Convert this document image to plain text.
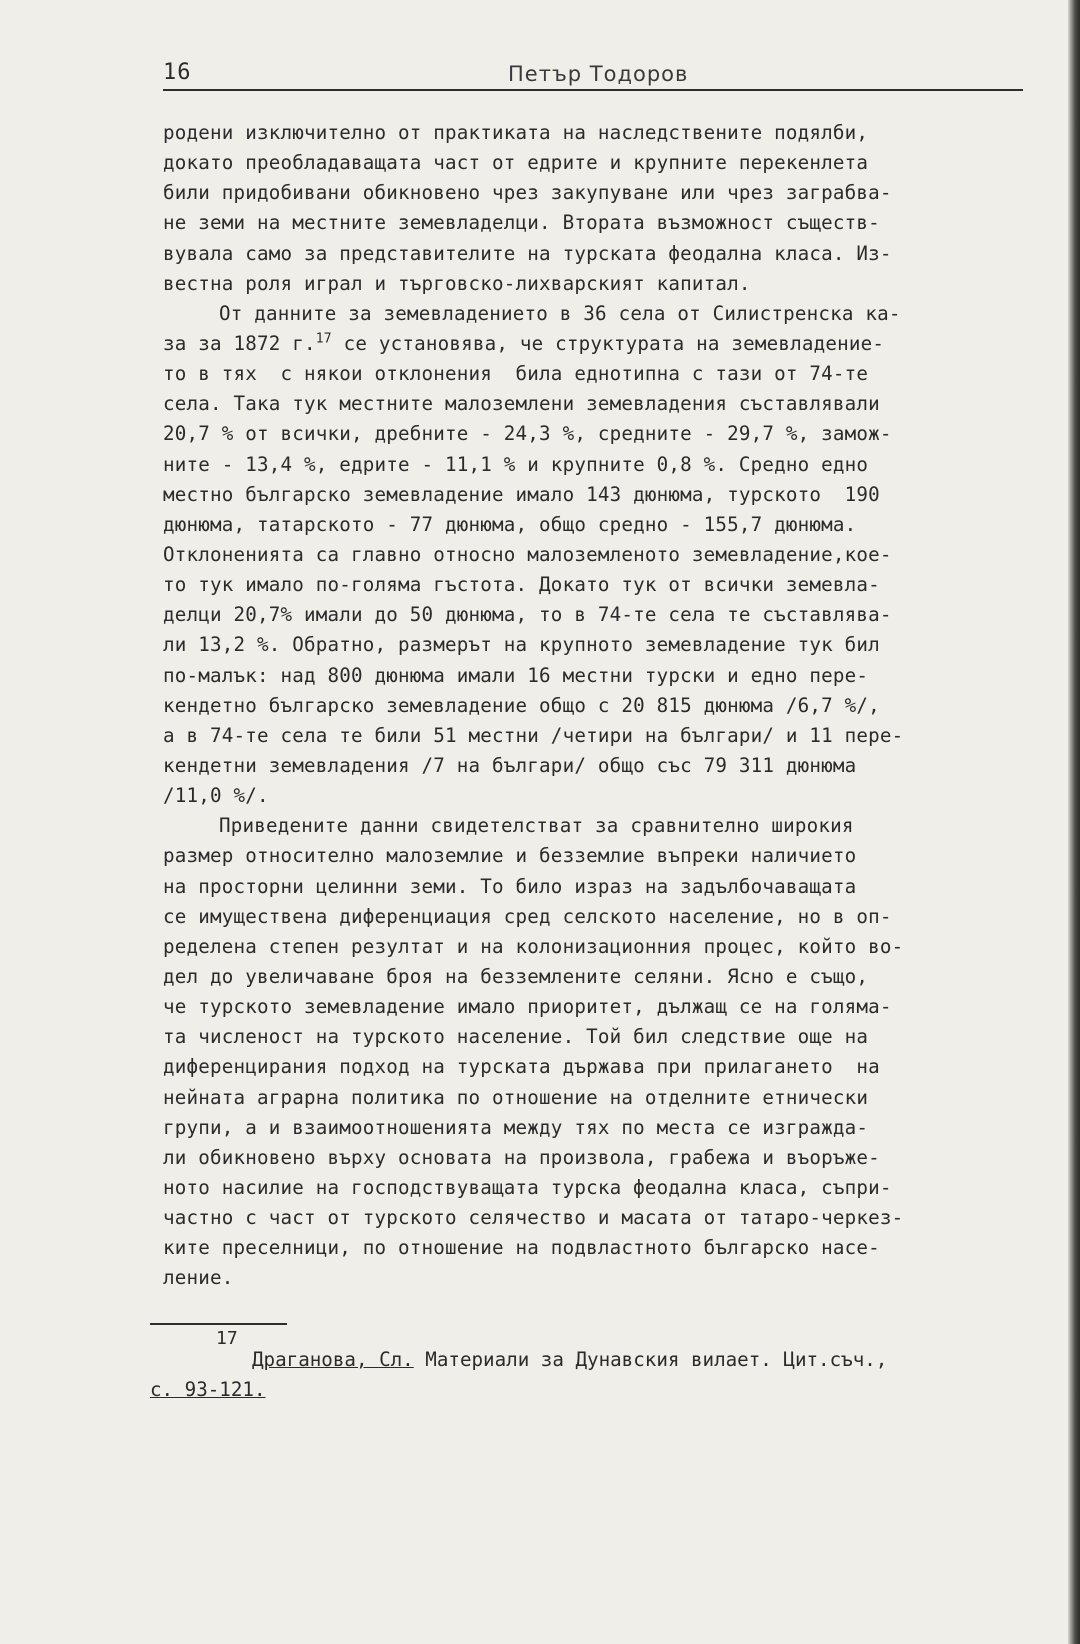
16	Петър Тодоров
родени изключително от практиката на наследствените подялби,
докато преобладаващата част от едрите и крупните перекенлета
били придобивани обикновено чрез закупуване или чрез заграбва-
не земи на местните земевладелци. Втората възможност съществ-
вувала само за представителите на турската феодална класа. Из-
вестна роля играл и търговско-лихварският капитал.
От данните за земевладението в 36 села от Силистренска ка-
за за 1872 г.$^{17}$ се установява, че структурата на земевладение-
то в тях  с някои отклонения  била еднотипна с тази от 74-те
села. Така тук местните малоземлени земевладения съставлявали
20,7 % от всички, дребните - 24,3 %, средните - 29,7 %, замож-
ните - 13,4 %, едрите - 11,1 % и крупните 0,8 %. Средно едно
местно българско земевладение имало 143 дюнюма, турското  190
дюнюма, татарското - 77 дюнюма, общо средно - 155,7 дюнюма.
Отклоненията са главно относно малоземленото земевладение,кое-
то тук имало по-голяма гъстота. Докато тук от всички земевла-
делци 20,7% имали до 50 дюнюма, то в 74-те села те съставлява-
ли 13,2 %. Обратно, размерът на крупното земевладение тук бил
по-малък: над 800 дюнюма имали 16 местни турски и едно пере-
кендетно българско земевладение общо с 20 815 дюнюма /6,7 %/,
а в 74-те села те били 51 местни /четири на българи/ и 11 пере-
кендетни земевладения /7 на българи/ общо със 79 311 дюнюма
/11,0 %/.
Приведените данни свидетелстват за сравнително широкия
размер относително малоземлие и безземлие въпреки наличието
на просторни целинни земи. То било израз на задълбочаващата
се имуществена диференциация сред селското население, но в оп-
ределена степен резултат и на колонизационния процес, който во-
дел до увеличаване броя на безземлените селяни. Ясно е също,
че турското земевладение имало приоритет, дължащ се на голяма-
та численост на турското население. Той бил следствие още на
диференцирания подход на турската държава при прилагането  на
нейната аграрна политика по отношение на отделните етнически
групи, а и взаимоотношенията между тях по места се изгражда-
ли обикновено върху основата на произвола, грабежа и въоръже-
ното насилие на господствуващата турска феодална класа, съпри-
частно с част от турското селячество и масата от татаро-черкез-
ките преселници, по отношение на подвластното българско насе-
ление.
17
Драганова, Сл. Материали за Дунавския вилает. Цит.съч.,
с. 93-121.
